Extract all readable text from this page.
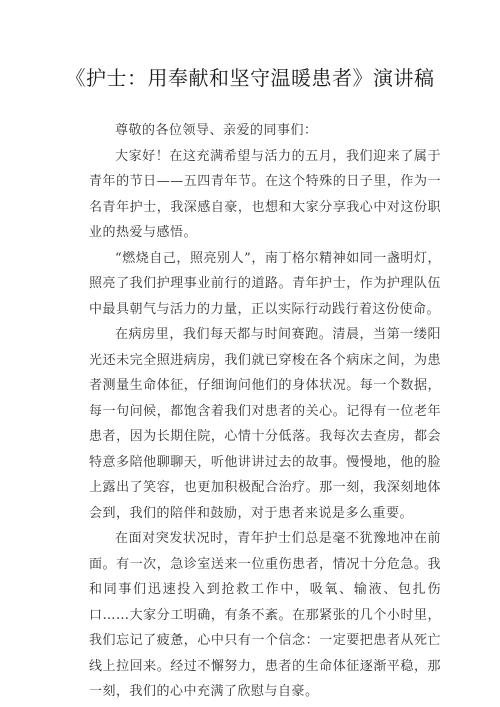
《护士：用奉献和坚守温暖患者》演讲稿

尊敬的各位领导、亲爱的同事们：

大家好！在这充满希望与活力的五月，我们迎来了属于青年的节日——五四青年节。在这个特殊的日子里，作为一名青年护士，我深感自豪，也想和大家分享我心中对这份职业的热爱与感悟。

“燃烧自己，照亮别人”，南丁格尔精神如同一盏明灯，照亮了我们护理事业前行的道路。青年护士，作为护理队伍中最具朝气与活力的力量，正以实际行动践行着这份使命。

在病房里，我们每天都与时间赛跑。清晨，当第一缕阳光还未完全照进病房，我们就已穿梭在各个病床之间，为患者测量生命体征，仔细询问他们的身体状况。每一个数据，每一句问候，都饱含着我们对患者的关心。记得有一位老年患者，因为长期住院，心情十分低落。我每次去查房，都会特意多陪他聊聊天，听他讲讲过去的故事。慢慢地，他的脸上露出了笑容，也更加积极配合治疗。那一刻，我深刻地体会到，我们的陪伴和鼓励，对于患者来说是多么重要。

在面对突发状况时，青年护士们总是毫不犹豫地冲在前面。有一次，急诊室送来一位重伤患者，情况十分危急。我和同事们迅速投入到抢救工作中，吸氧、输液、包扎伤口……大家分工明确，有条不紊。在那紧张的几个小时里，我们忘记了疲惫，心中只有一个信念：一定要把患者从死亡线上拉回来。经过不懈努力，患者的生命体征逐渐平稳，那一刻，我们的心中充满了欣慰与自豪。
